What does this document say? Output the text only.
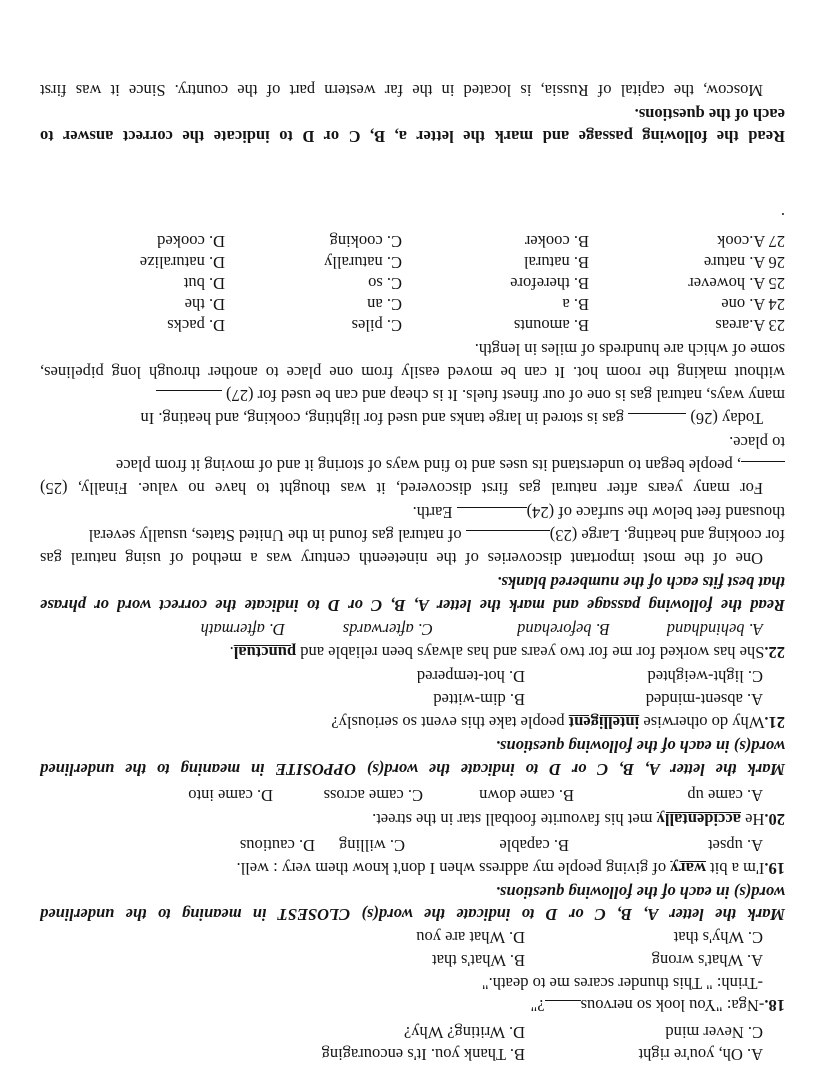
A. Oh, you're right
B. Thank you. It's encouraging
C. Never mind
D. Writing? Why?
18.-Nga: "You look so nervous?"
-Trinh: " This thunder scares me to death."
A. What's wrong
B. What's that
C. Why's that
D. What are you
Mark the letter A, B, C or D to indicate the word(s) CLOSEST in meaning to the underlined
word(s) in each of the following questions.
19.I'm a bit wary of giving people my address when I don't know them very : well.
A. upset
B. capable
C. willing
D. cautious
20.He accidentally met his favourite football star in the street.
A. came up
B. came down
C. came across
D. came into
Mark the letter A, B, C or D to indicate the word(s) OPPOSITE in meaning to the underlined
word(s) in each of the following questions.
21.Why do otherwise intelligent people take this event so seriously?
A. absent-minded
B. dim-witted
C. light-weighted
D. hot-tempered
22.She has worked for me for two years and has always been reliable and punctual.
A. behindhand
B. beforehand
C. afterwards
D. aftermath
Read the following passage and mark the letter A, B, C or D to indicate the correct word or phrase
that best fits each of the numbered blanks.
One of the most important discoveries of the nineteenth century was a method of using natural gas
for cooking and heating. Large (23) of natural gas found in the United States, usually several
thousand feet below the surface of (24) Earth.
For many years after natural gas first discovered, it was thought to have no value. Finally, (25)
, people began to understand its uses and to find ways of storing it and of moving it from place
to place.
Today (26)  gas is stored in large tanks and used for lighting, cooking, and heating. In
many ways, natural gas is one of our finest fuels. It is cheap and can be used for (27)
without making the room hot. It can be moved easily from one place to another through long pipelines,
some of which are hundreds of miles in length.
23 A.areas
B. amounts
C. piles
D. packs
24 A. one
B. a
C. an
D. the
25 A. however
B. therefore
C. so
D. but
26 A. nature
B. natural
C. naturally
D. naturalize
27 A.cook
B. cooker
C. cooking
D. cooked
.
Read the following passage and mark the letter a, B, C or D to indicate the correct answer to
each of the questions.
Moscow, the capital of Russia, is located in the far western part of the country. Since it was first
